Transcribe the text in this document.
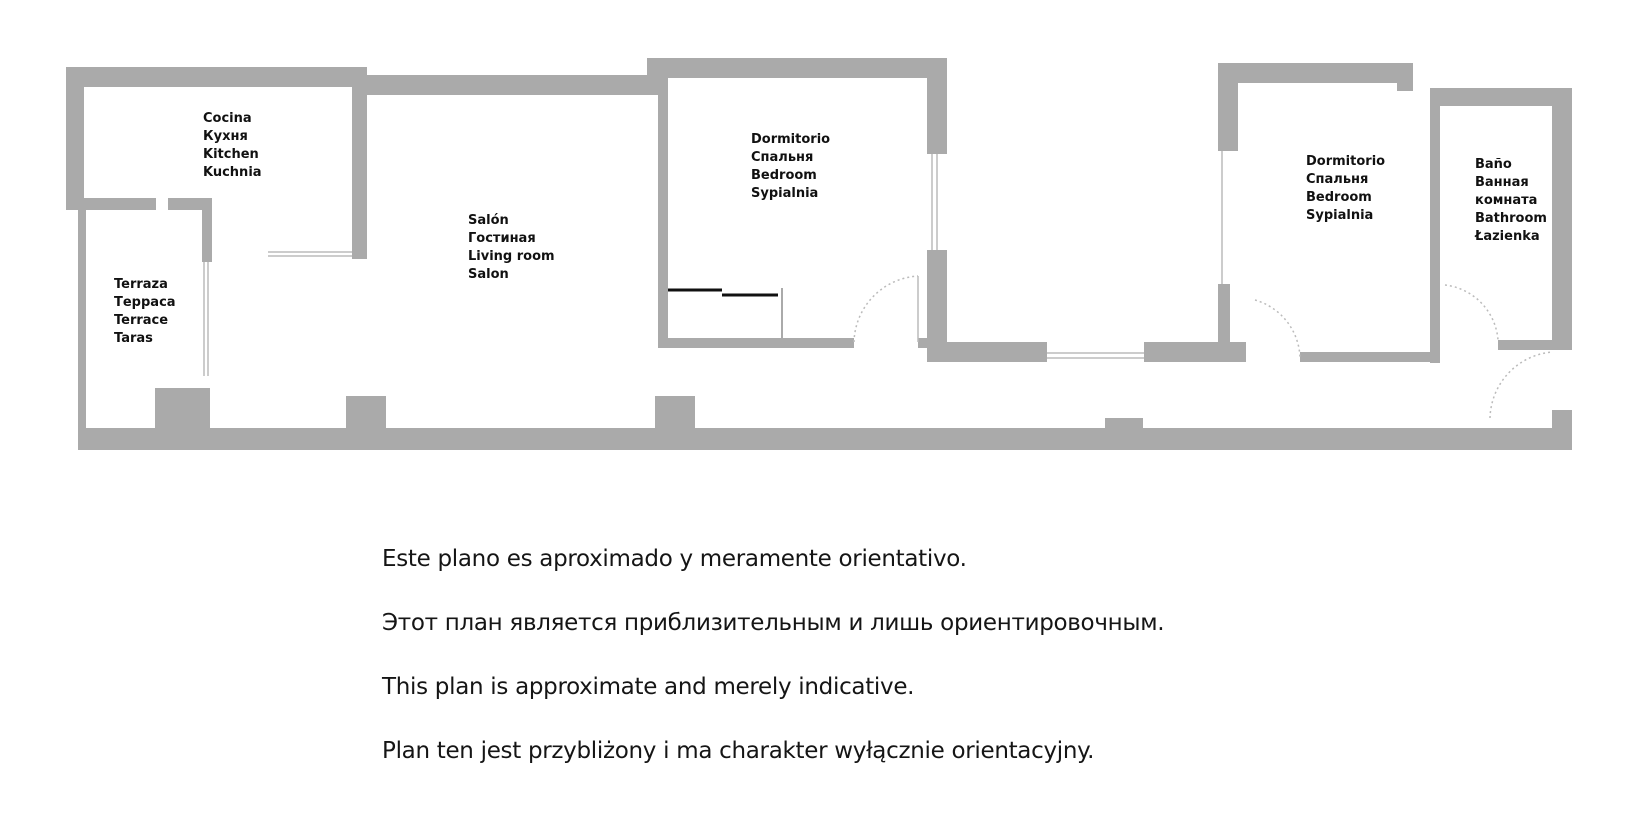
Cocina
Кухня
Kitchen
Kuchnia
Terraza
Терраса
Terrace
Taras
Salón
Гостиная
Living room
Salon
Dormitorio
Спальня
Bedroom
Sypialnia
Dormitorio
Спальня
Bedroom
Sypialnia
Baño
Ванная
комната
Bathroom
Łazienka
Este plano es aproximado y meramente orientativo.
Этот план является приблизительным и лишь ориентировочным.
This plan is approximate and merely indicative.
Plan ten jest przybliżony i ma charakter wyłącznie orientacyjny.
